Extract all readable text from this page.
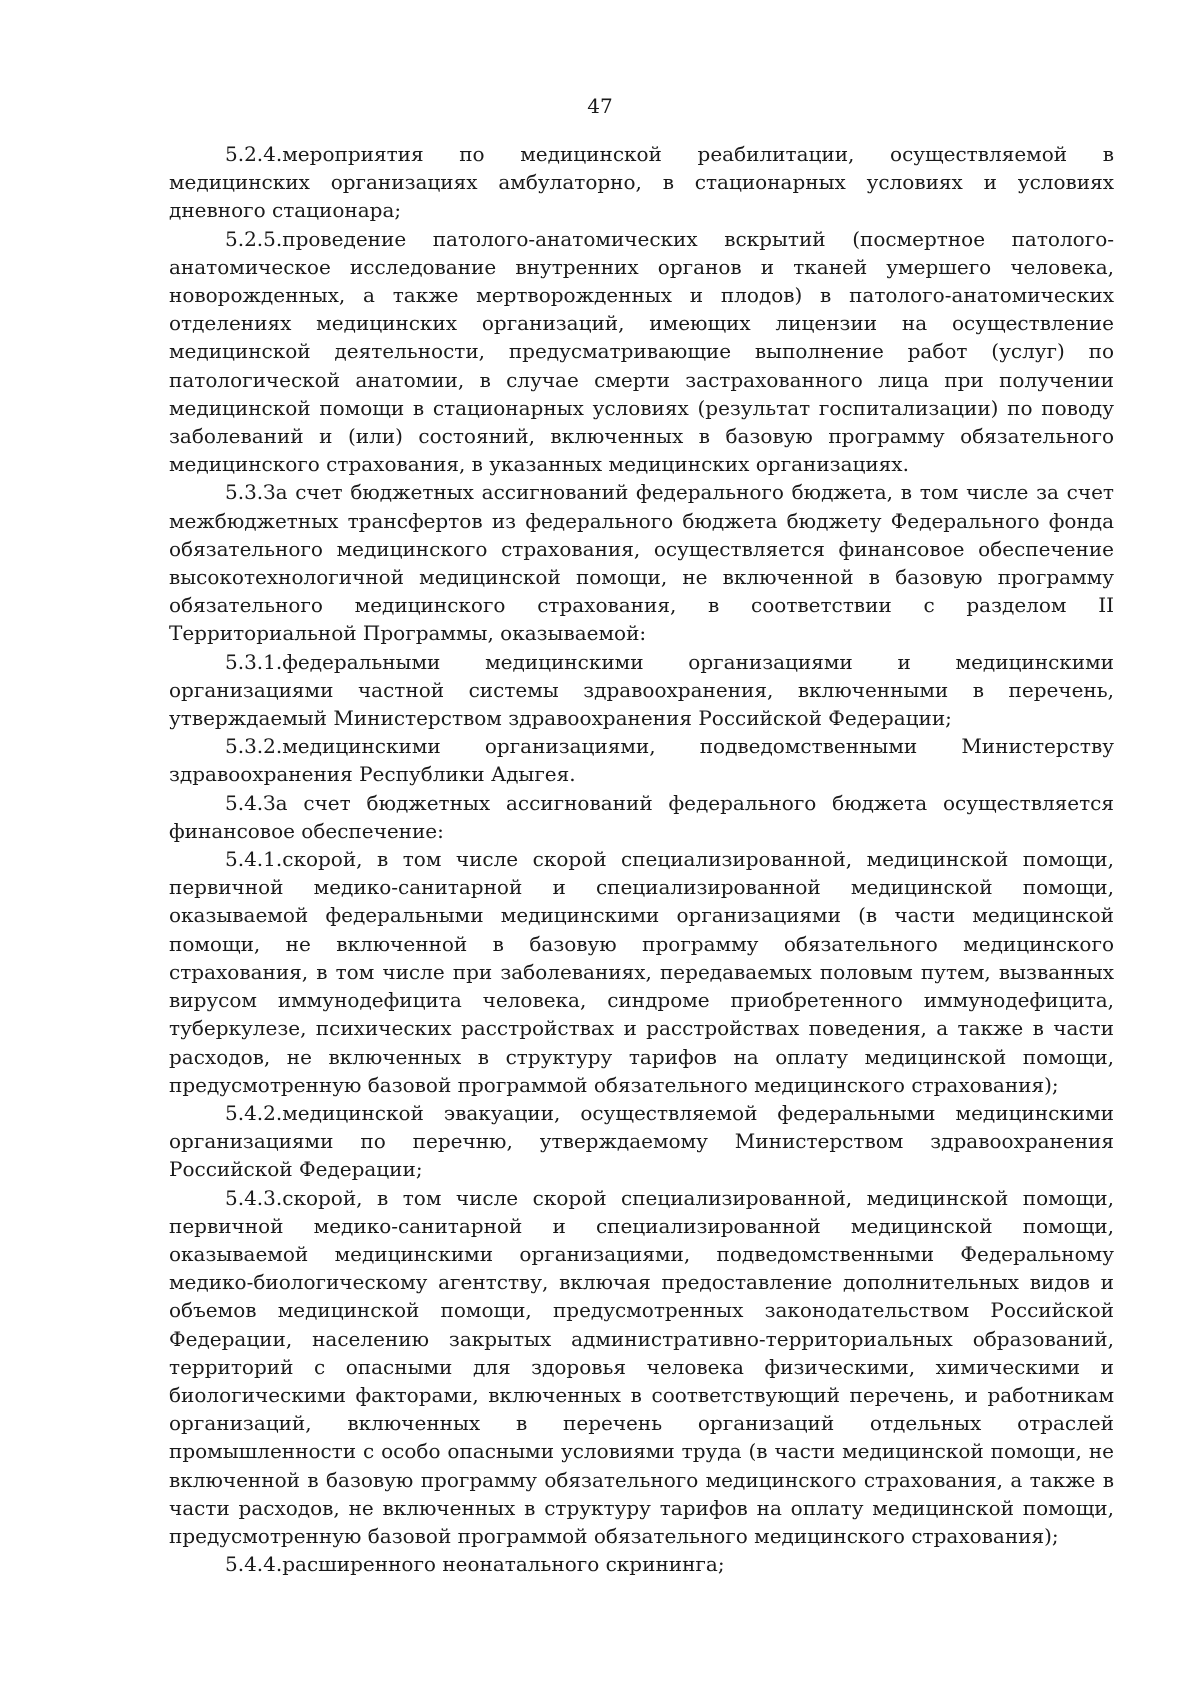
47

5.2.4.мероприятия по медицинской реабилитации, осуществляемой в медицинских организациях амбулаторно, в стационарных условиях и условиях дневного стационара;

5.2.5.проведение патолого-анатомических вскрытий (посмертное патолого-анатомическое исследование внутренних органов и тканей умершего человека, новорожденных, а также мертворожденных и плодов) в патолого-анатомических отделениях медицинских организаций, имеющих лицензии на осуществление медицинской деятельности, предусматривающие выполнение работ (услуг) по патологической анатомии, в случае смерти застрахованного лица при получении медицинской помощи в стационарных условиях (результат госпитализации) по поводу заболеваний и (или) состояний, включенных в базовую программу обязательного медицинского страхования, в указанных медицинских организациях.

5.3.За счет бюджетных ассигнований федерального бюджета, в том числе за счет межбюджетных трансфертов из федерального бюджета бюджету Федерального фонда обязательного медицинского страхования, осуществляется финансовое обеспечение высокотехнологичной медицинской помощи, не включенной в базовую программу обязательного медицинского страхования, в соответствии с разделом II Территориальной Программы, оказываемой:

5.3.1.федеральными медицинскими организациями и медицинскими организациями частной системы здравоохранения, включенными в перечень, утверждаемый Министерством здравоохранения Российской Федерации;

5.3.2.медицинскими организациями, подведомственными Министерству здравоохранения Республики Адыгея.

5.4.За счет бюджетных ассигнований федерального бюджета осуществляется финансовое обеспечение:

5.4.1.скорой, в том числе скорой специализированной, медицинской помощи, первичной медико-санитарной и специализированной медицинской помощи, оказываемой федеральными медицинскими организациями (в части медицинской помощи, не включенной в базовую программу обязательного медицинского страхования, в том числе при заболеваниях, передаваемых половым путем, вызванных вирусом иммунодефицита человека, синдроме приобретенного иммунодефицита, туберкулезе, психических расстройствах и расстройствах поведения, а также в части расходов, не включенных в структуру тарифов на оплату медицинской помощи, предусмотренную базовой программой обязательного медицинского страхования);

5.4.2.медицинской эвакуации, осуществляемой федеральными медицинскими организациями по перечню, утверждаемому Министерством здравоохранения Российской Федерации;

5.4.3.скорой, в том числе скорой специализированной, медицинской помощи, первичной медико-санитарной и специализированной медицинской помощи, оказываемой медицинскими организациями, подведомственными Федеральному медико-биологическому агентству, включая предоставление дополнительных видов и объемов медицинской помощи, предусмотренных законодательством Российской Федерации, населению закрытых административно-территориальных образований, территорий с опасными для здоровья человека физическими, химическими и биологическими факторами, включенных в соответствующий перечень, и работникам организаций, включенных в перечень организаций отдельных отраслей промышленности с особо опасными условиями труда (в части медицинской помощи, не включенной в базовую программу обязательного медицинского страхования, а также в части расходов, не включенных в структуру тарифов на оплату медицинской помощи, предусмотренную базовой программой обязательного медицинского страхования);

5.4.4.расширенного неонатального скрининга;
